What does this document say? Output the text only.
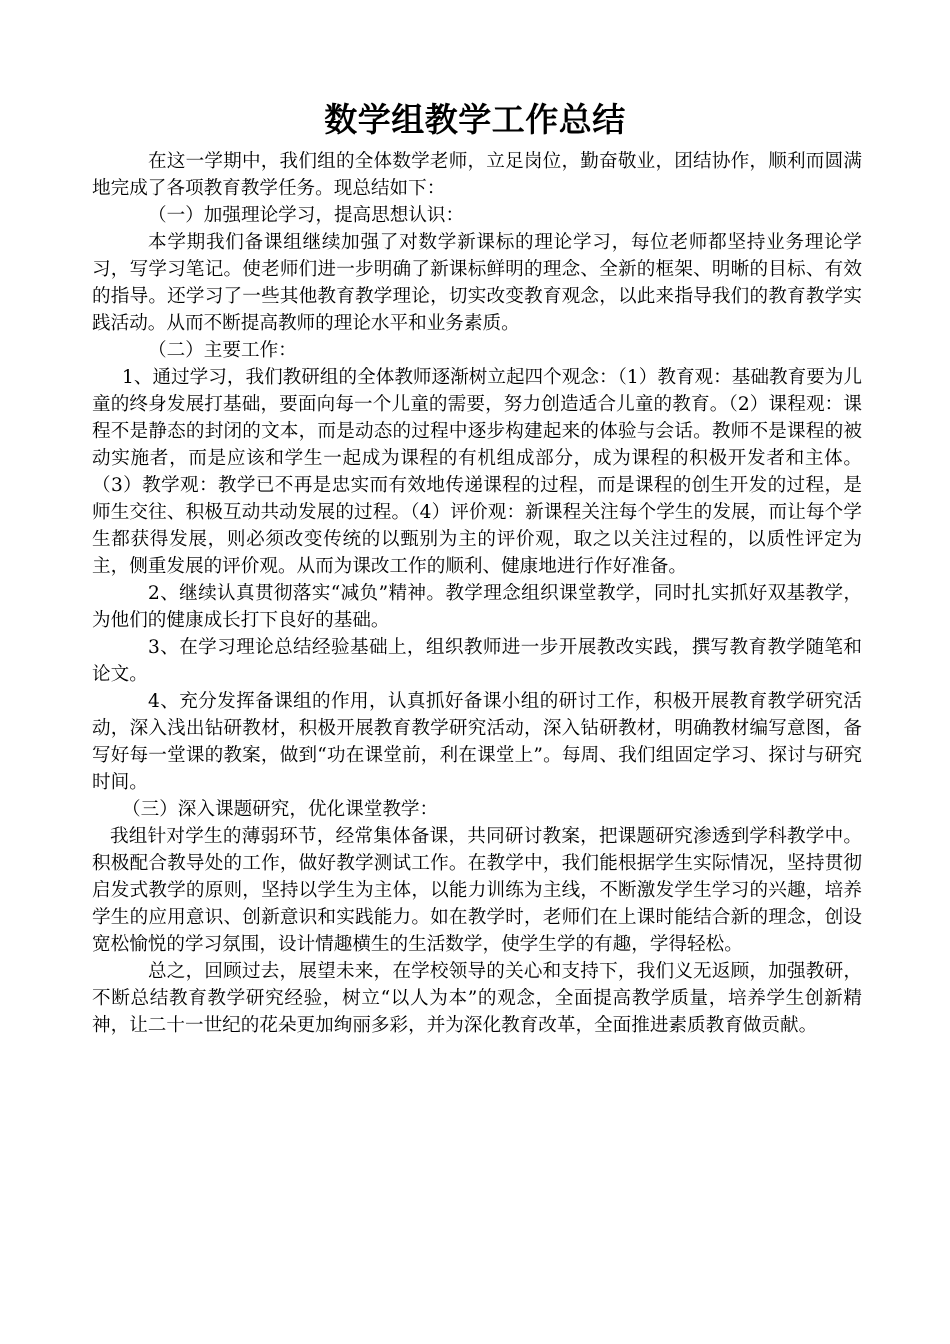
数学组教学工作总结

在这一学期中，我们组的全体数学老师，立足岗位，勤奋敬业，团结协作，顺利而圆满地完成了各项教育教学任务。现总结如下：

（一）加强理论学习，提高思想认识：

本学期我们备课组继续加强了对数学新课标的理论学习，每位老师都坚持业务理论学习，写学习笔记。使老师们进一步明确了新课标鲜明的理念、全新的框架、明晰的目标、有效的指导。还学习了一些其他教育教学理论，切实改变教育观念，以此来指导我们的教育教学实践活动。从而不断提高教师的理论水平和业务素质。

（二）主要工作：

1、通过学习，我们教研组的全体教师逐渐树立起四个观念：（1）教育观：基础教育要为儿童的终身发展打基础，要面向每一个儿童的需要，努力创造适合儿童的教育。（2）课程观：课程不是静态的封闭的文本，而是动态的过程中逐步构建起来的体验与会话。教师不是课程的被动实施者，而是应该和学生一起成为课程的有机组成部分，成为课程的积极开发者和主体。（3）教学观：教学已不再是忠实而有效地传递课程的过程，而是课程的创生开发的过程，是师生交往、积极互动共动发展的过程。（4）评价观：新课程关注每个学生的发展，而让每个学生都获得发展，则必须改变传统的以甄别为主的评价观，取之以关注过程的，以质性评定为主，侧重发展的评价观。从而为课改工作的顺利、健康地进行作好准备。

2、继续认真贯彻落实“减负”精神。教学理念组织课堂教学，同时扎实抓好双基教学，为他们的健康成长打下良好的基础。

3、在学习理论总结经验基础上，组织教师进一步开展教改实践，撰写教育教学随笔和论文。

4、充分发挥备课组的作用，认真抓好备课小组的研讨工作，积极开展教育教学研究活动，深入浅出钻研教材，积极开展教育教学研究活动，深入钻研教材，明确教材编写意图，备写好每一堂课的教案，做到“功在课堂前，利在课堂上”。每周、我们组固定学习、探讨与研究时间。

（三）深入课题研究，优化课堂教学：

我组针对学生的薄弱环节，经常集体备课，共同研讨教案，把课题研究渗透到学科教学中。积极配合教导处的工作，做好教学测试工作。在教学中，我们能根据学生实际情况，坚持贯彻启发式教学的原则，坚持以学生为主体，以能力训练为主线，不断激发学生学习的兴趣，培养学生的应用意识、创新意识和实践能力。如在教学时，老师们在上课时能结合新的理念，创设宽松愉悦的学习氛围，设计情趣横生的生活数学，使学生学的有趣，学得轻松。

总之，回顾过去，展望未来，在学校领导的关心和支持下，我们义无返顾，加强教研，不断总结教育教学研究经验，树立“以人为本”的观念，全面提高教学质量，培养学生创新精神，让二十一世纪的花朵更加绚丽多彩，并为深化教育改革，全面推进素质教育做贡献。
